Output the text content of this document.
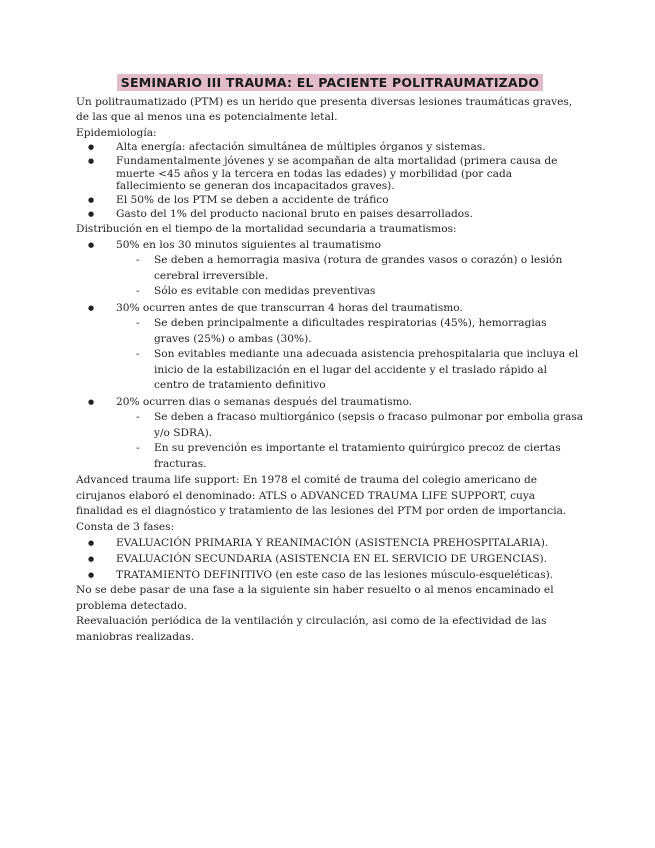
SEMINARIO III TRAUMA: EL PACIENTE POLITRAUMATIZADO

Un politraumatizado (PTM) es un herido que presenta diversas lesiones traumáticas graves, de las que al menos una es potencialmente letal.

Epidemiología:

● Alta energía: afectación simultánea de múltiples órganos y sistemas.
● Fundamentalmente jóvenes y se acompañan de alta mortalidad (primera causa de muerte <45 años y la tercera en todas las edades) y morbilidad (por cada fallecimiento se generan dos incapacitados graves).
● El 50% de los PTM se deben a accidente de tráfico
● Gasto del 1% del producto nacional bruto en paises desarrollados.

Distribución en el tiempo de la mortalidad secundaria a traumatismos:

● 50% en los 30 minutos siguientes al traumatismo
- Se deben a hemorragia masiva (rotura de grandes vasos o corazón) o lesión cerebral irreversible.
- Sólo es evitable con medidas preventivas
● 30% ocurren antes de que transcurran 4 horas del traumatismo.
- Se deben principalmente a dificultades respiratorias (45%), hemorragias graves (25%) o ambas (30%).
- Son evitables mediante una adecuada asistencia prehospitalaria que incluya el inicio de la estabilización en el lugar del accidente y el traslado rápido al centro de tratamiento definitivo
● 20% ocurren dias o semanas después del traumatismo.
- Se deben a fracaso multiorgánico (sepsis o fracaso pulmonar por embolia grasa y/o SDRA).
- En su prevención es importante el tratamiento quirúrgico precoz de ciertas fracturas.

Advanced trauma life support: En 1978 el comité de trauma del colegio americano de cirujanos elaboró el denominado: ATLS o ADVANCED TRAUMA LIFE SUPPORT, cuya finalidad es el diagnóstico y tratamiento de las lesiones del PTM por orden de importancia.

Consta de 3 fases:

● EVALUACIÓN PRIMARIA Y REANIMACIÓN (ASISTENCIA PREHOSPITALARIA).
● EVALUACIÓN SECUNDARIA (ASISTENCIA EN EL SERVICIO DE URGENCIAS).
● TRATAMIENTO DEFINITIVO (en este caso de las lesiones músculo-esqueléticas).

No se debe pasar de una fase a la siguiente sin haber resuelto o al menos encaminado el problema detectado.

Reevaluación periódica de la ventilación y circulación, asi como de la efectividad de las maniobras realizadas.
